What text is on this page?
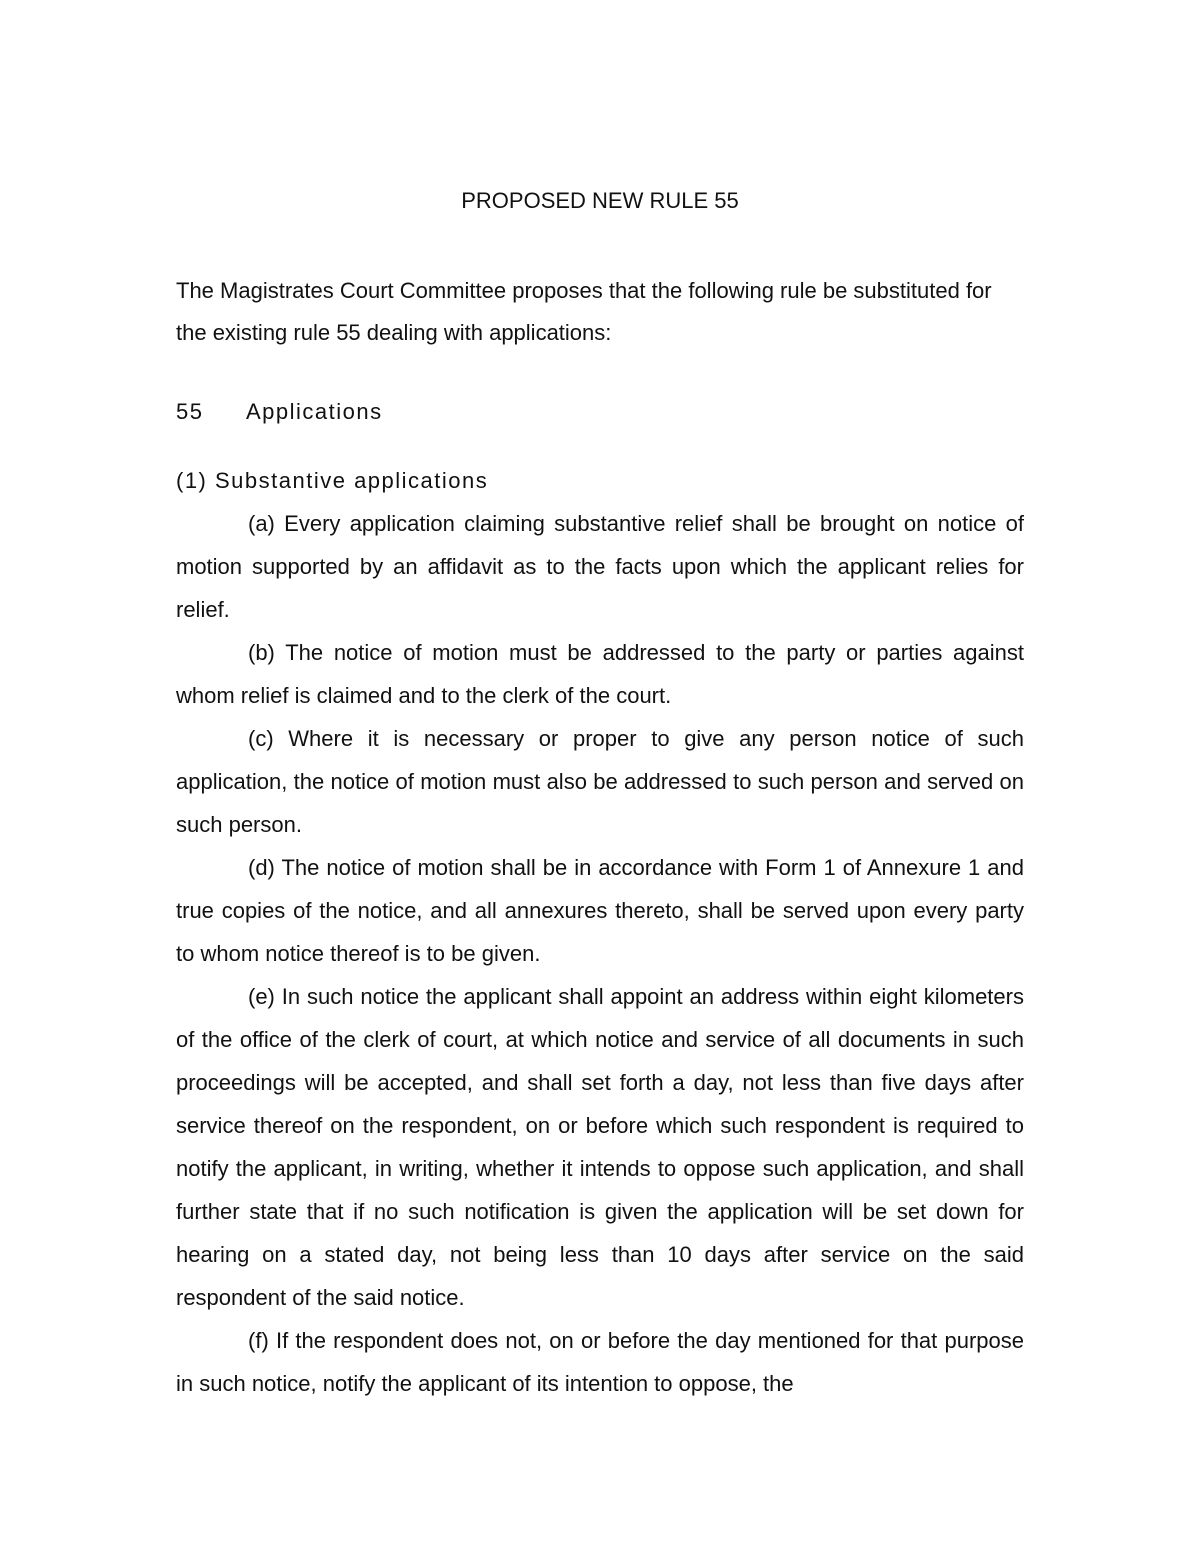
PROPOSED NEW RULE 55

The Magistrates Court Committee proposes that the following rule be substituted for the existing rule 55 dealing with applications:

55 Applications
(1) Substantive applications

(a) Every application claiming substantive relief shall be brought on notice of motion supported by an affidavit as to the facts upon which the applicant relies for relief.

(b) The notice of motion must be addressed to the party or parties against whom relief is claimed and to the clerk of the court.

(c) Where it is necessary or proper to give any person notice of such application, the notice of motion must also be addressed to such person and served on such person.

(d) The notice of motion shall be in accordance with Form 1 of Annexure 1 and true copies of the notice, and all annexures thereto, shall be served upon every party to whom notice thereof is to be given.

(e) In such notice the applicant shall appoint an address within eight kilometers of the office of the clerk of court, at which notice and service of all documents in such proceedings will be accepted, and shall set forth a day, not less than five days after service thereof on the respondent, on or before which such respondent is required to notify the applicant, in writing, whether it intends to oppose such application, and shall further state that if no such notification is given the application will be set down for hearing on a stated day, not being less than 10 days after service on the said respondent of the said notice.

(f) If the respondent does not, on or before the day mentioned for that purpose in such notice, notify the applicant of its intention to oppose, the
